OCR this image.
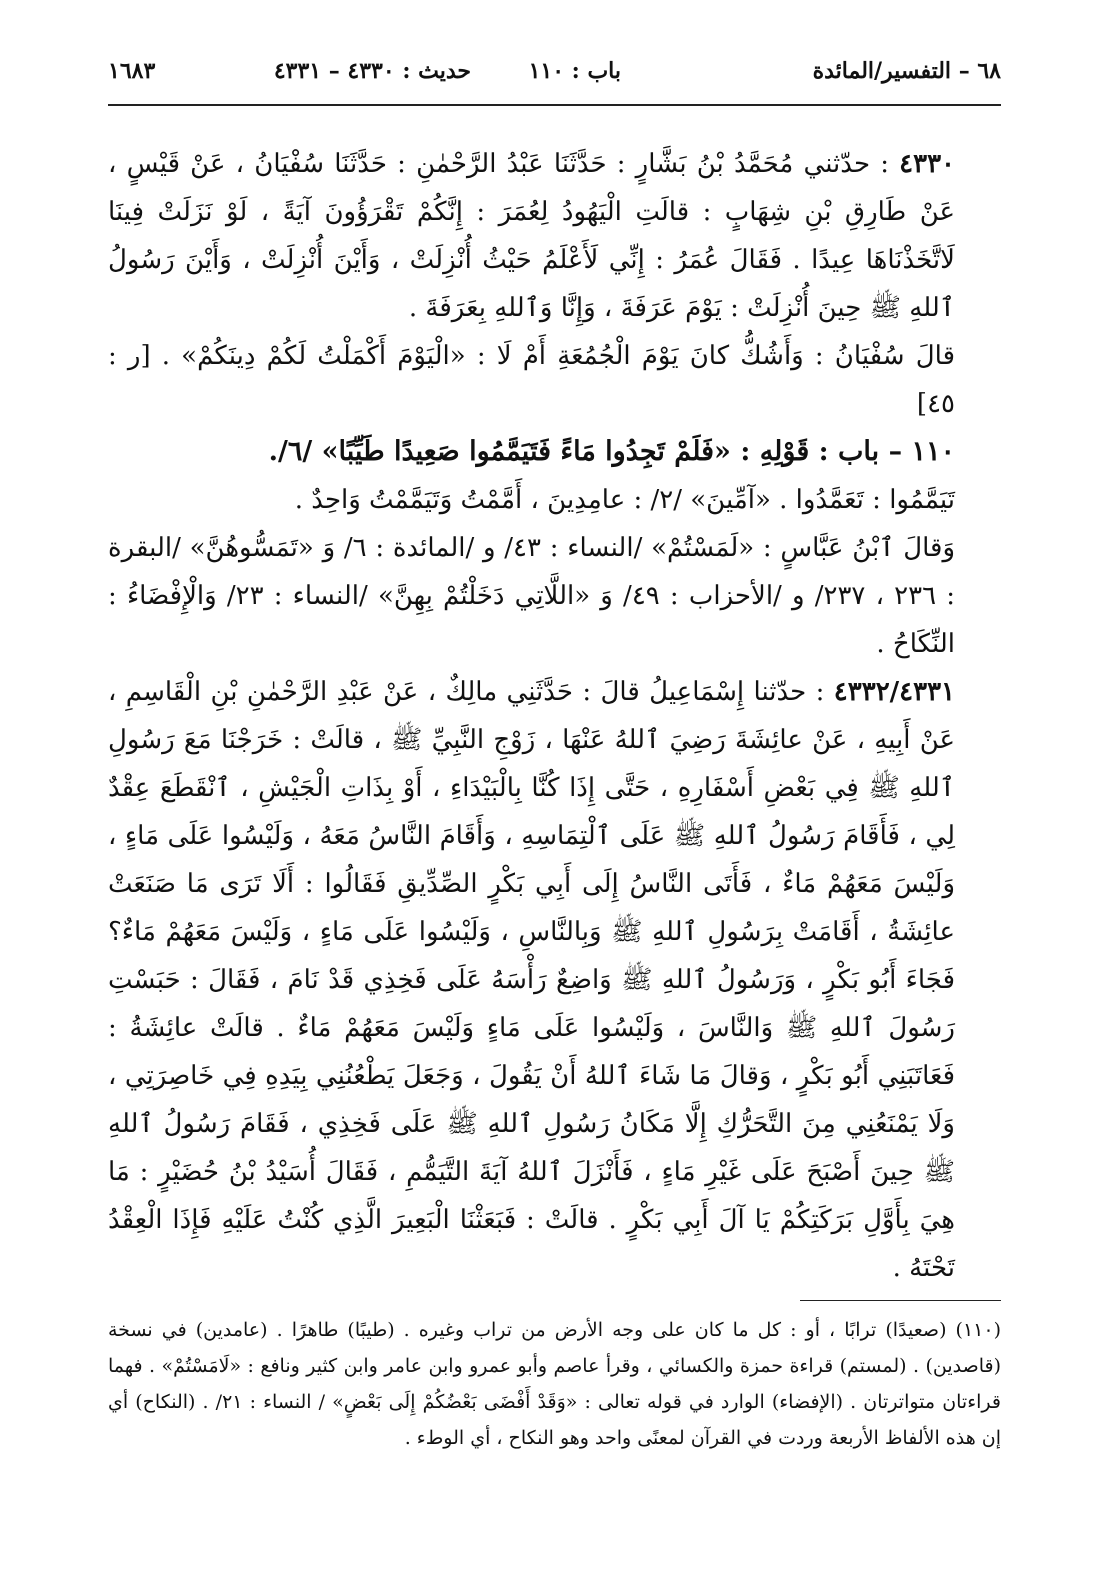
٦٨ – التفسير/المائدة
باب : ١١٠
حديث : ٤٣٣٠ – ٤٣٣١
١٦٨٣

٤٣٣٠ : حدّثني مُحَمَّدُ بْنُ بَشَّارٍ : حَدَّثَنَا عَبْدُ الرَّحْمٰنِ : حَدَّثَنَا سُفْيَانُ ، عَنْ قَيْسٍ ، عَنْ طَارِقِ بْنِ شِهَابٍ : قالَتِ الْيَهُودُ لِعُمَرَ : إِنَّكُمْ تَقْرَؤُونَ آيَةً ، لَوْ نَزَلَتْ فِينَا لَاتَّخَذْنَاهَا عِيدًا . فَقَالَ عُمَرُ : إِنِّي لَأَعْلَمُ حَيْثُ أُنْزِلَتْ ، وَأَيْنَ أُنْزِلَتْ ، وَأَيْنَ رَسُولُ ٱللهِ ﷺ حِينَ أُنْزِلَتْ : يَوْمَ عَرَفَةَ ، وَإِنَّا وَٱللهِ بِعَرَفَةَ .

قالَ سُفْيَانُ : وَأَشُكُّ كانَ يَوْمَ الْجُمُعَةِ أَمْ لَا : «الْيَوْمَ أَكْمَلْتُ لَكُمْ دِينَكُمْ» . [ر : ٤٥]

١١٠ – باب : قَوْلِهِ : «فَلَمْ تَجِدُوا مَاءً فَتَيَمَّمُوا صَعِيدًا طَيِّبًا» /٦/.

تَيَمَّمُوا : تَعَمَّدُوا . «آمِّينَ» /٢/ : عامِدِينَ ، أَمَّمْتُ وَتَيَمَّمْتُ وَاحِدٌ .

وَقالَ ٱبْنُ عَبَّاسٍ : «لَمَسْتُمْ» /النساء : ٤٣/ و /المائدة : ٦/ وَ «تَمَسُّوهُنَّ» /البقرة : ٢٣٦ ، ٢٣٧/ و /الأحزاب : ٤٩/ وَ «اللَّاتِي دَخَلْتُمْ بِهِنَّ» /النساء : ٢٣/ وَالْإِفْضَاءُ : النِّكَاحُ .

٤٣٣٢/٤٣٣١ : حدّثنا إِسْمَاعِيلُ قالَ : حَدَّثَنِي مالِكٌ ، عَنْ عَبْدِ الرَّحْمٰنِ بْنِ الْقَاسِمِ ، عَنْ أَبِيهِ ، عَنْ عائِشَةَ رَضِيَ ٱللهُ عَنْهَا ، زَوْجِ النَّبِيِّ ﷺ ، قالَتْ : خَرَجْنَا مَعَ رَسُولِ ٱللهِ ﷺ فِي بَعْضِ أَسْفَارِهِ ، حَتَّى إِذَا كُنَّا بِالْبَيْدَاءِ ، أَوْ بِذَاتِ الْجَيْشِ ، ٱنْقَطَعَ عِقْدٌ لِي ، فَأَقَامَ رَسُولُ ٱللهِ ﷺ عَلَى ٱلْتِمَاسِهِ ، وَأَقَامَ النَّاسُ مَعَهُ ، وَلَيْسُوا عَلَى مَاءٍ ، وَلَيْسَ مَعَهُمْ مَاءٌ ، فَأَتَى النَّاسُ إِلَى أَبِي بَكْرٍ الصِّدِّيقِ فَقَالُوا : أَلَا تَرَى مَا صَنَعَتْ عائِشَةُ ، أَقَامَتْ بِرَسُولِ ٱللهِ ﷺ وَبِالنَّاسِ ، وَلَيْسُوا عَلَى مَاءٍ ، وَلَيْسَ مَعَهُمْ مَاءٌ؟ فَجَاءَ أَبُو بَكْرٍ ، وَرَسُولُ ٱللهِ ﷺ وَاضِعٌ رَأْسَهُ عَلَى فَخِذِي قَدْ نَامَ ، فَقَالَ : حَبَسْتِ رَسُولَ ٱللهِ ﷺ وَالنَّاسَ ، وَلَيْسُوا عَلَى مَاءٍ وَلَيْسَ مَعَهُمْ مَاءٌ . قالَتْ عائِشَةُ : فَعَاتَبَنِي أَبُو بَكْرٍ ، وَقالَ مَا شَاءَ ٱللهُ أَنْ يَقُولَ ، وَجَعَلَ يَطْعُنُنِي بِيَدِهِ فِي خَاصِرَتِي ، وَلَا يَمْنَعُنِي مِنَ التَّحَرُّكِ إِلَّا مَكَانُ رَسُولِ ٱللهِ ﷺ عَلَى فَخِذِي ، فَقَامَ رَسُولُ ٱللهِ ﷺ حِينَ أَصْبَحَ عَلَى غَيْرِ مَاءٍ ، فَأَنْزَلَ ٱللهُ آيَةَ التَّيَمُّمِ ، فَقَالَ أُسَيْدُ بْنُ حُضَيْرٍ : مَا هِيَ بِأَوَّلِ بَرَكَتِكُمْ يَا آلَ أَبِي بَكْرٍ . قالَتْ : فَبَعَثْنَا الْبَعِيرَ الَّذِي كُنْتُ عَلَيْهِ فَإِذَا الْعِقْدُ تَحْتَهُ .

(١١٠) (صعيدًا) ترابًا ، أو : كل ما كان على وجه الأرض من تراب وغيره . (طيبًا) طاهرًا . (عامدين) في نسخة (قاصدين) . (لمستم) قراءة حمزة والكسائي ، وقرأ عاصم وأبو عمرو وابن عامر وابن كثير ونافع : «لَامَسْتُمْ» . فهما قراءتان متواترتان . (الإفضاء) الوارد في قوله تعالى : «وَقَدْ أَفْضَى بَعْضُكُمْ إِلَى بَعْضٍ» / النساء : ٢١/ . (النكاح) أي إن هذه الألفاظ الأربعة وردت في القرآن لمعنًى واحد وهو النكاح ، أي الوطء .
